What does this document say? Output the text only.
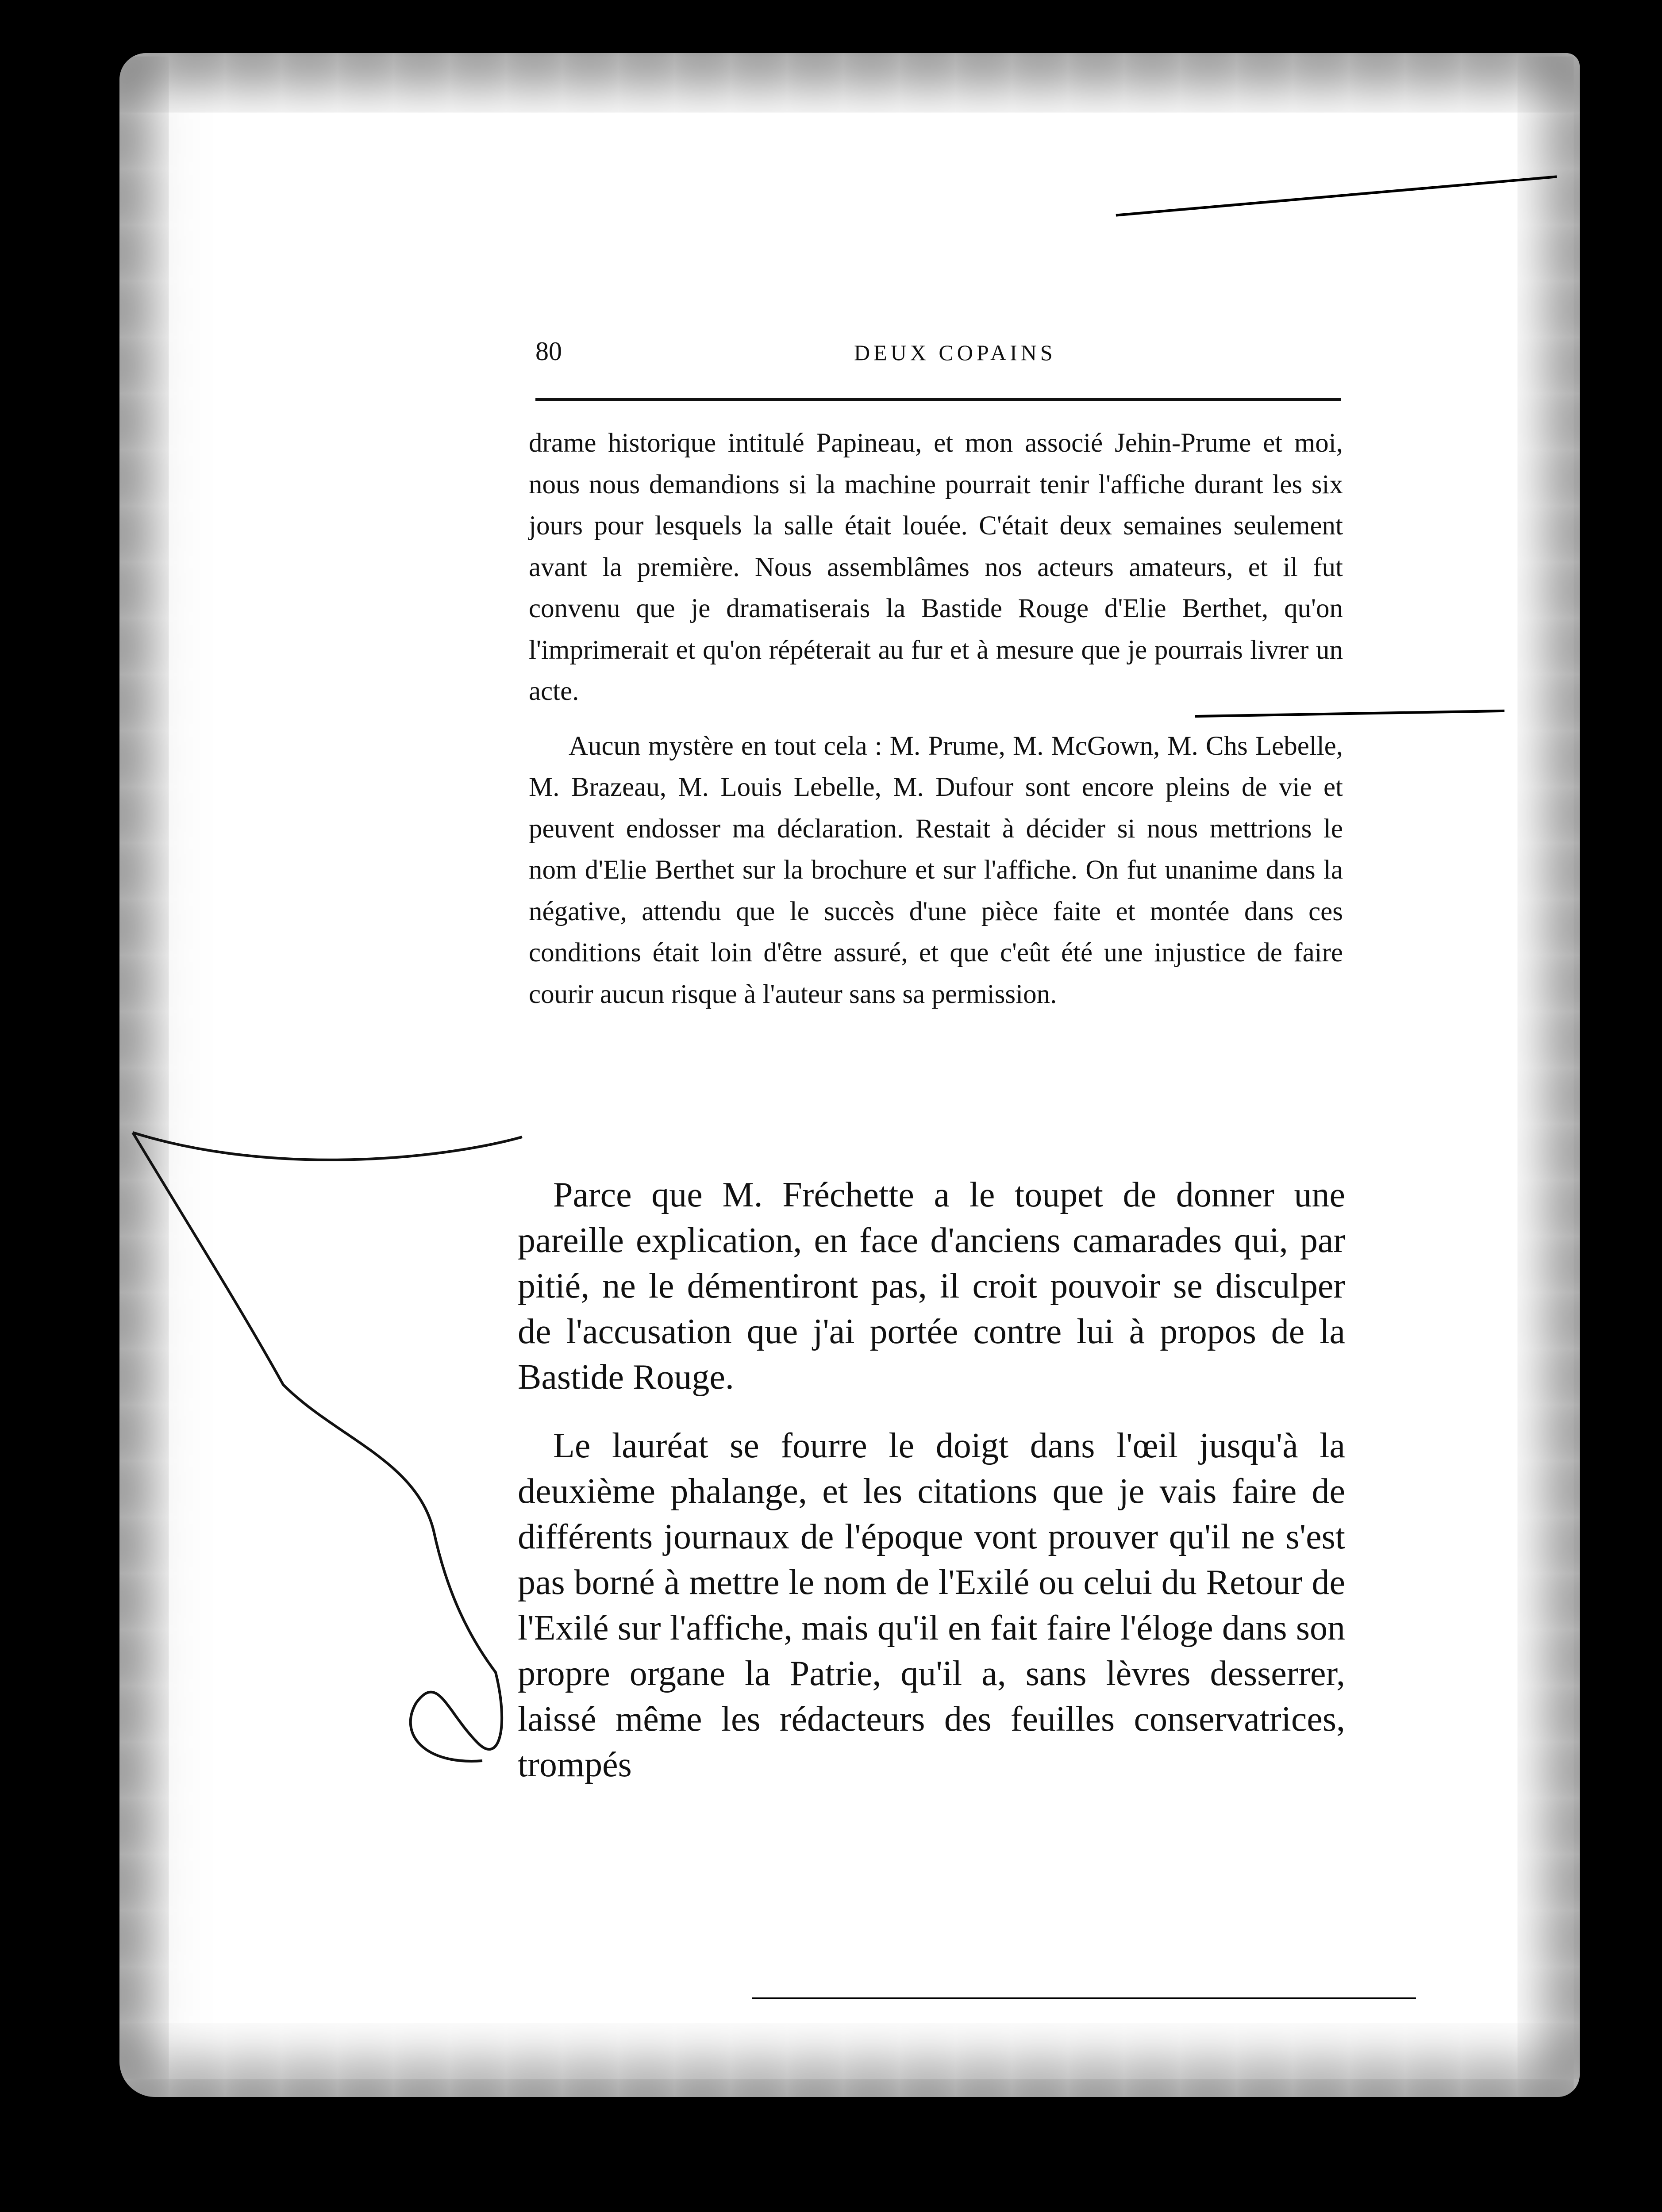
80	DEUX COPAINS

drame historique intitulé Papineau, et mon associé Jehin-Prume et moi, nous nous demandions si la machine pourrait tenir l'affiche durant les six jours pour lesquels la salle était louée. C'était deux semaines seulement avant la première. Nous assemblâmes nos acteurs amateurs, et il fut convenu que je dramatiserais la Bastide Rouge d'Elie Berthet, qu'on l'imprimerait et qu'on répéterait au fur et à mesure que je pourrais livrer un acte.

Aucun mystère en tout cela : M. Prume, M. McGown, M. Chs Lebelle, M. Brazeau, M. Louis Lebelle, M. Dufour sont encore pleins de vie et peuvent endosser ma déclaration. Restait à décider si nous mettrions le nom d'Elie Berthet sur la brochure et sur l'affiche. On fut unanime dans la négative, attendu que le succès d'une pièce faite et montée dans ces conditions était loin d'être assuré, et que c'eût été une injustice de faire courir aucun risque à l'auteur sans sa permission.

Parce que M. Fréchette a le toupet de donner une pareille explication, en face d'anciens camarades qui, par pitié, ne le démentiront pas, il croit pouvoir se disculper de l'accusation que j'ai portée contre lui à propos de la Bastide Rouge.

Le lauréat se fourre le doigt dans l'œil jusqu'à la deuxième phalange, et les citations que je vais faire de différents journaux de l'époque vont prouver qu'il ne s'est pas borné à mettre le nom de l'Exilé ou celui du Retour de l'Exilé sur l'affiche, mais qu'il en fait faire l'éloge dans son propre organe la Patrie, qu'il a, sans lèvres desserrer, laissé même les rédacteurs des feuilles conservatrices, trompés
